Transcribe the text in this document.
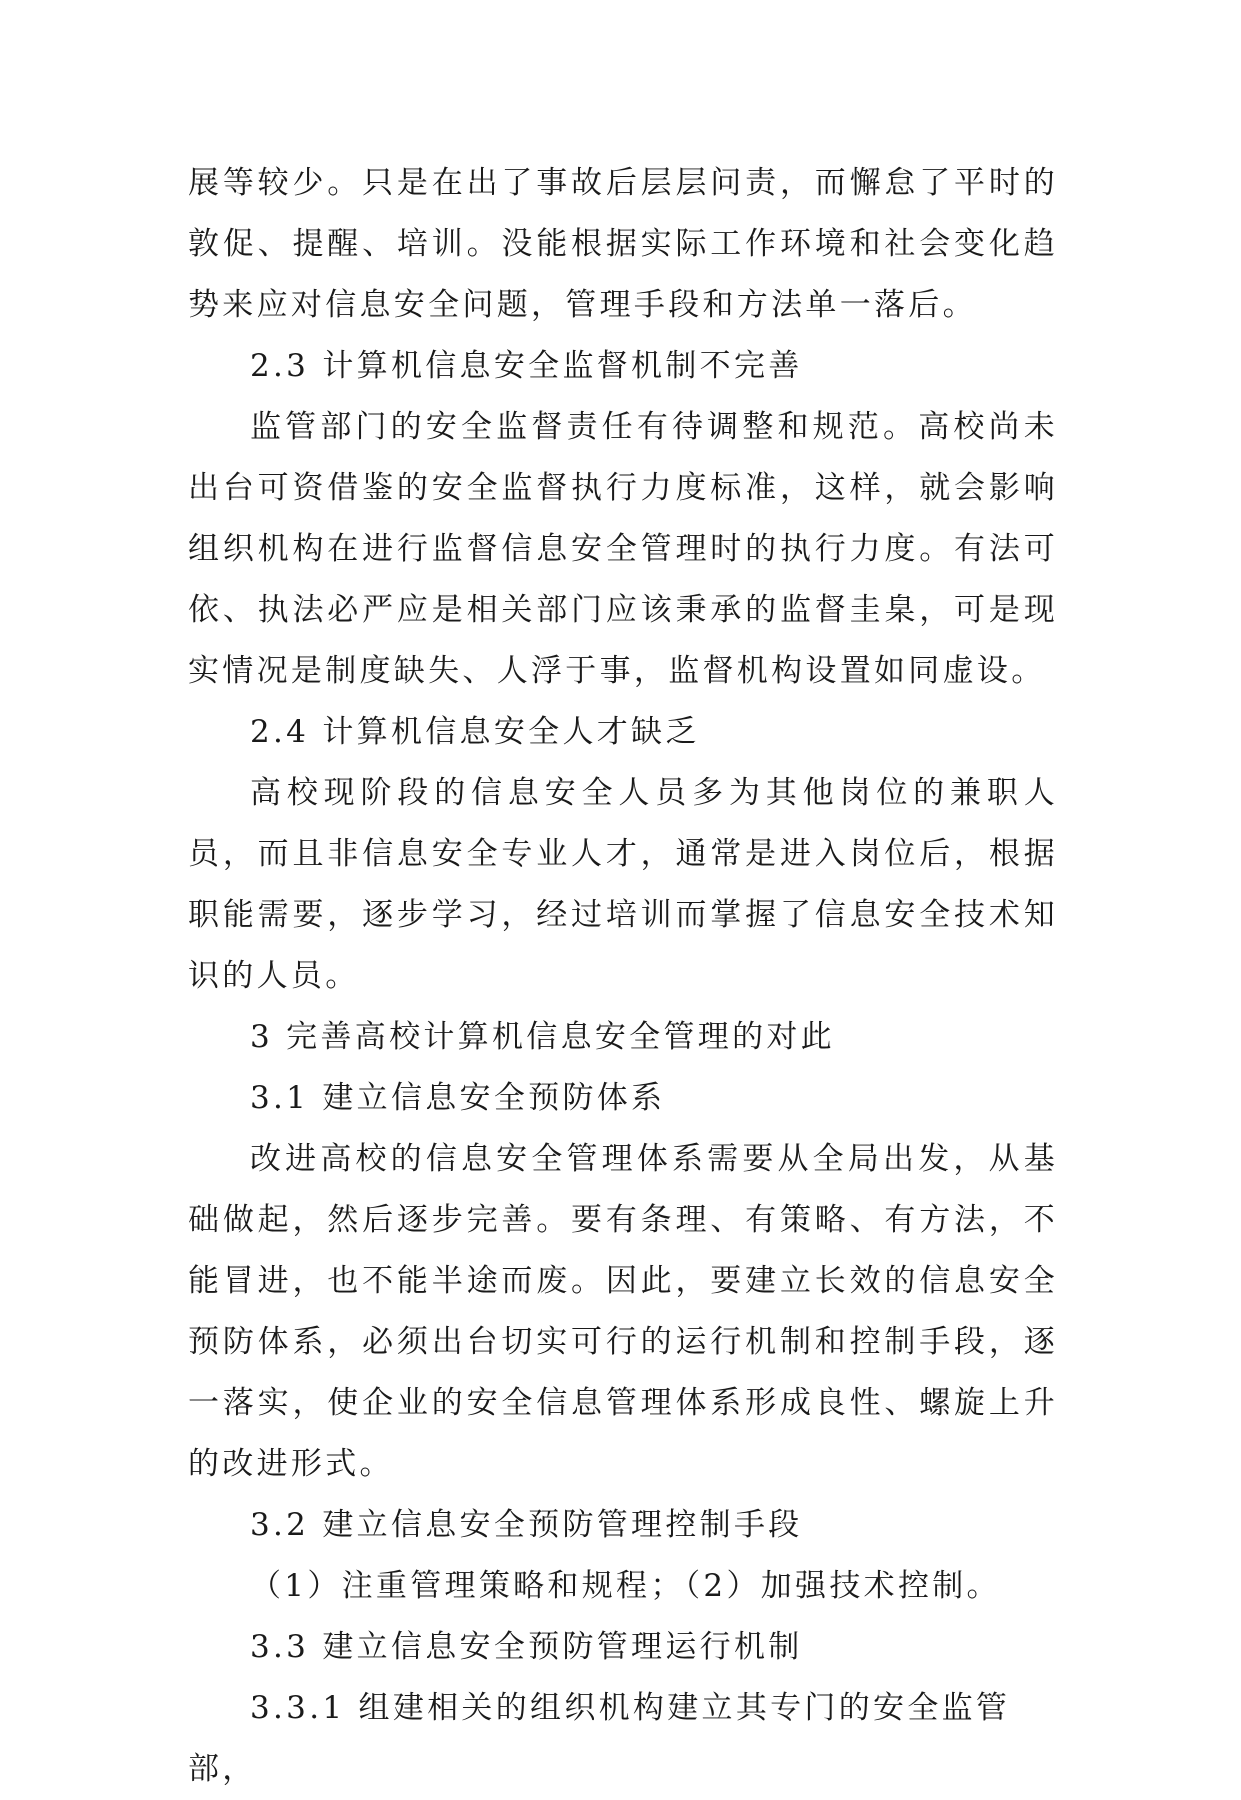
展等较少。只是在出了事故后层层问责，而懈怠了平时的敦促、提醒、培训。没能根据实际工作环境和社会变化趋势来应对信息安全问题，管理手段和方法单一落后。

2.3 计算机信息安全监督机制不完善

监管部门的安全监督责任有待调整和规范。高校尚未出台可资借鉴的安全监督执行力度标准，这样，就会影响组织机构在进行监督信息安全管理时的执行力度。有法可依、执法必严应是相关部门应该秉承的监督圭臬，可是现实情况是制度缺失、人浮于事，监督机构设置如同虚设。

2.4 计算机信息安全人才缺乏

高校现阶段的信息安全人员多为其他岗位的兼职人员，而且非信息安全专业人才，通常是进入岗位后，根据职能需要，逐步学习，经过培训而掌握了信息安全技术知识的人员。

3 完善高校计算机信息安全管理的对此

3.1 建立信息安全预防体系

改进高校的信息安全管理体系需要从全局出发，从基础做起，然后逐步完善。要有条理、有策略、有方法，不能冒进，也不能半途而废。因此，要建立长效的信息安全预防体系，必须出台切实可行的运行机制和控制手段，逐一落实，使企业的安全信息管理体系形成良性、螺旋上升的改进形式。

3.2 建立信息安全预防管理控制手段

（1）注重管理策略和规程；（2）加强技术控制。

3.3 建立信息安全预防管理运行机制

3.3.1 组建相关的组织机构建立其专门的安全监管部，
